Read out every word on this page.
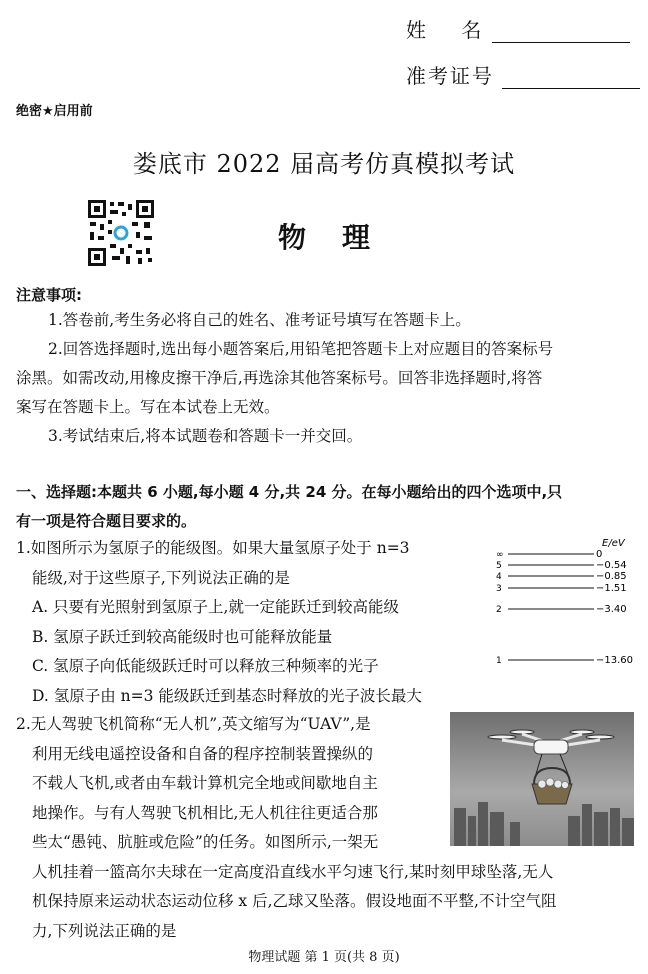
姓    名
准考证号
绝密★启用前
娄底市 2022 届高考仿真模拟考试
物理
注意事项:
1.答卷前,考生务必将自己的姓名、准考证号填写在答题卡上。
2.回答选择题时,选出每小题答案后,用铅笔把答题卡上对应题目的答案标号
涂黑。如需改动,用橡皮擦干净后,再选涂其他答案标号。回答非选择题时,将答
案写在答题卡上。写在本试卷上无效。
3.考试结束后,将本试题卷和答题卡一并交回。
一、选择题:本题共 6 小题,每小题 4 分,共 24 分。在每小题给出的四个选项中,只
有一项是符合题目要求的。
1.如图所示为氢原子的能级图。如果大量氢原子处于 n=3
能级,对于这些原子,下列说法正确的是
A. 只要有光照射到氢原子上,就一定能跃迁到较高能级
B. 氢原子跃迁到较高能级时也可能释放能量
C. 氢原子向低能级跃迁时可以释放三种频率的光子
D. 氢原子由 n=3 能级跃迁到基态时释放的光子波长最大
E/eV
∞	0
5	−0.54
4	−0.85
3	−1.51
2	−3.40
1	−13.60
2.无人驾驶飞机简称“无人机”,英文缩写为“UAV”,是
利用无线电遥控设备和自备的程序控制装置操纵的
不载人飞机,或者由车载计算机完全地或间歇地自主
地操作。与有人驾驶飞机相比,无人机往往更适合那
些太“愚钝、肮脏或危险”的任务。如图所示,一架无
人机挂着一篮高尔夫球在一定高度沿直线水平匀速飞行,某时刻甲球坠落,无人
机保持原来运动状态运动位移 x 后,乙球又坠落。假设地面不平整,不计空气阻
力,下列说法正确的是
物理试题 第 1 页(共 8 页)
